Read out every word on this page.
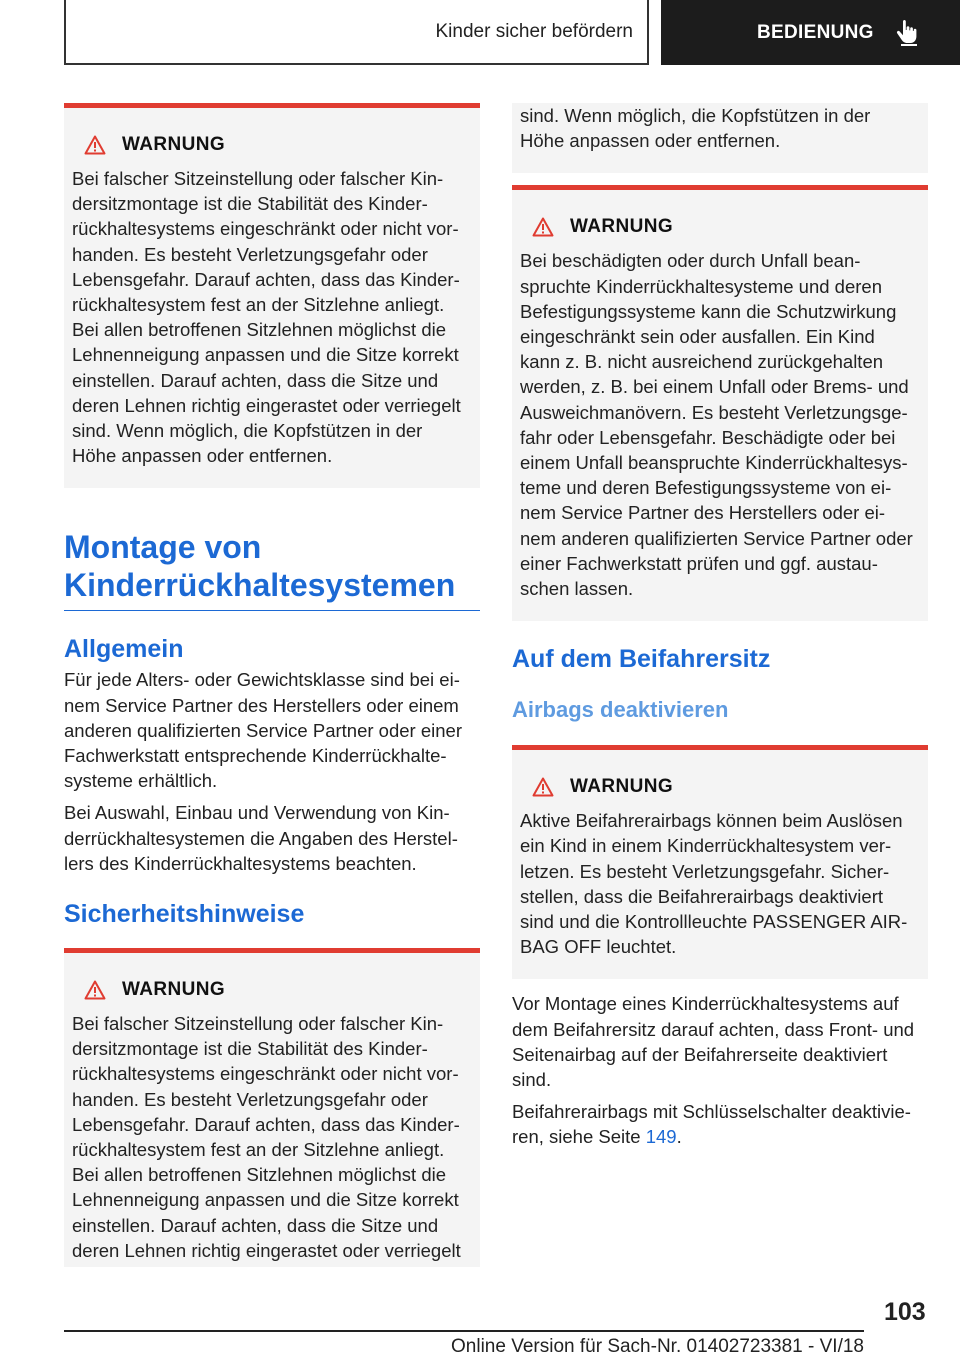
Kinder sicher befördern	BEDIENUNG
WARNUNG
Bei falscher Sitzeinstellung oder falscher Kin-
dersitzmontage ist die Stabilität des Kinder-
rückhaltesystems eingeschränkt oder nicht vor-
handen. Es besteht Verletzungsgefahr oder
Lebensgefahr. Darauf achten, dass das Kinder-
rückhaltesystem fest an der Sitzlehne anliegt.
Bei allen betroffenen Sitzlehnen möglichst die
Lehnenneigung anpassen und die Sitze korrekt
einstellen. Darauf achten, dass die Sitze und
deren Lehnen richtig eingerastet oder verriegelt
sind. Wenn möglich, die Kopfstützen in der
Höhe anpassen oder entfernen.
Montage von
Kinderrückhaltesystemen
Allgemein
Für jede Alters- oder Gewichtsklasse sind bei ei-
nem Service Partner des Herstellers oder einem
anderen qualifizierten Service Partner oder einer
Fachwerkstatt entsprechende Kinderrückhalte-
systeme erhältlich.
Bei Auswahl, Einbau und Verwendung von Kin-
derrückhaltesystemen die Angaben des Herstel-
lers des Kinderrückhaltesystems beachten.
Sicherheitshinweise
WARNUNG
Bei falscher Sitzeinstellung oder falscher Kin-
dersitzmontage ist die Stabilität des Kinder-
rückhaltesystems eingeschränkt oder nicht vor-
handen. Es besteht Verletzungsgefahr oder
Lebensgefahr. Darauf achten, dass das Kinder-
rückhaltesystem fest an der Sitzlehne anliegt.
Bei allen betroffenen Sitzlehnen möglichst die
Lehnenneigung anpassen und die Sitze korrekt
einstellen. Darauf achten, dass die Sitze und
deren Lehnen richtig eingerastet oder verriegelt
sind. Wenn möglich, die Kopfstützen in der
Höhe anpassen oder entfernen.
WARNUNG
Bei beschädigten oder durch Unfall bean-
spruchte Kinderrückhaltesysteme und deren
Befestigungssysteme kann die Schutzwirkung
eingeschränkt sein oder ausfallen. Ein Kind
kann z. B. nicht ausreichend zurückgehalten
werden, z. B. bei einem Unfall oder Brems- und
Ausweichmanövern. Es besteht Verletzungsge-
fahr oder Lebensgefahr. Beschädigte oder bei
einem Unfall beanspruchte Kinderrückhaltesys-
teme und deren Befestigungssysteme von ei-
nem Service Partner des Herstellers oder ei-
nem anderen qualifizierten Service Partner oder
einer Fachwerkstatt prüfen und ggf. austau-
schen lassen.
Auf dem Beifahrersitz
Airbags deaktivieren
WARNUNG
Aktive Beifahrerairbags können beim Auslösen
ein Kind in einem Kinderrückhaltesystem ver-
letzen. Es besteht Verletzungsgefahr. Sicher-
stellen, dass die Beifahrerairbags deaktiviert
sind und die Kontrollleuchte PASSENGER AIR-
BAG OFF leuchtet.
Vor Montage eines Kinderrückhaltesystems auf
dem Beifahrersitz darauf achten, dass Front- und
Seitenairbag auf der Beifahrerseite deaktiviert
sind.
Beifahrerairbags mit Schlüsselschalter deaktivie-
ren, siehe Seite 149.
103
Online Version für Sach-Nr. 01402723381 - VI/18
